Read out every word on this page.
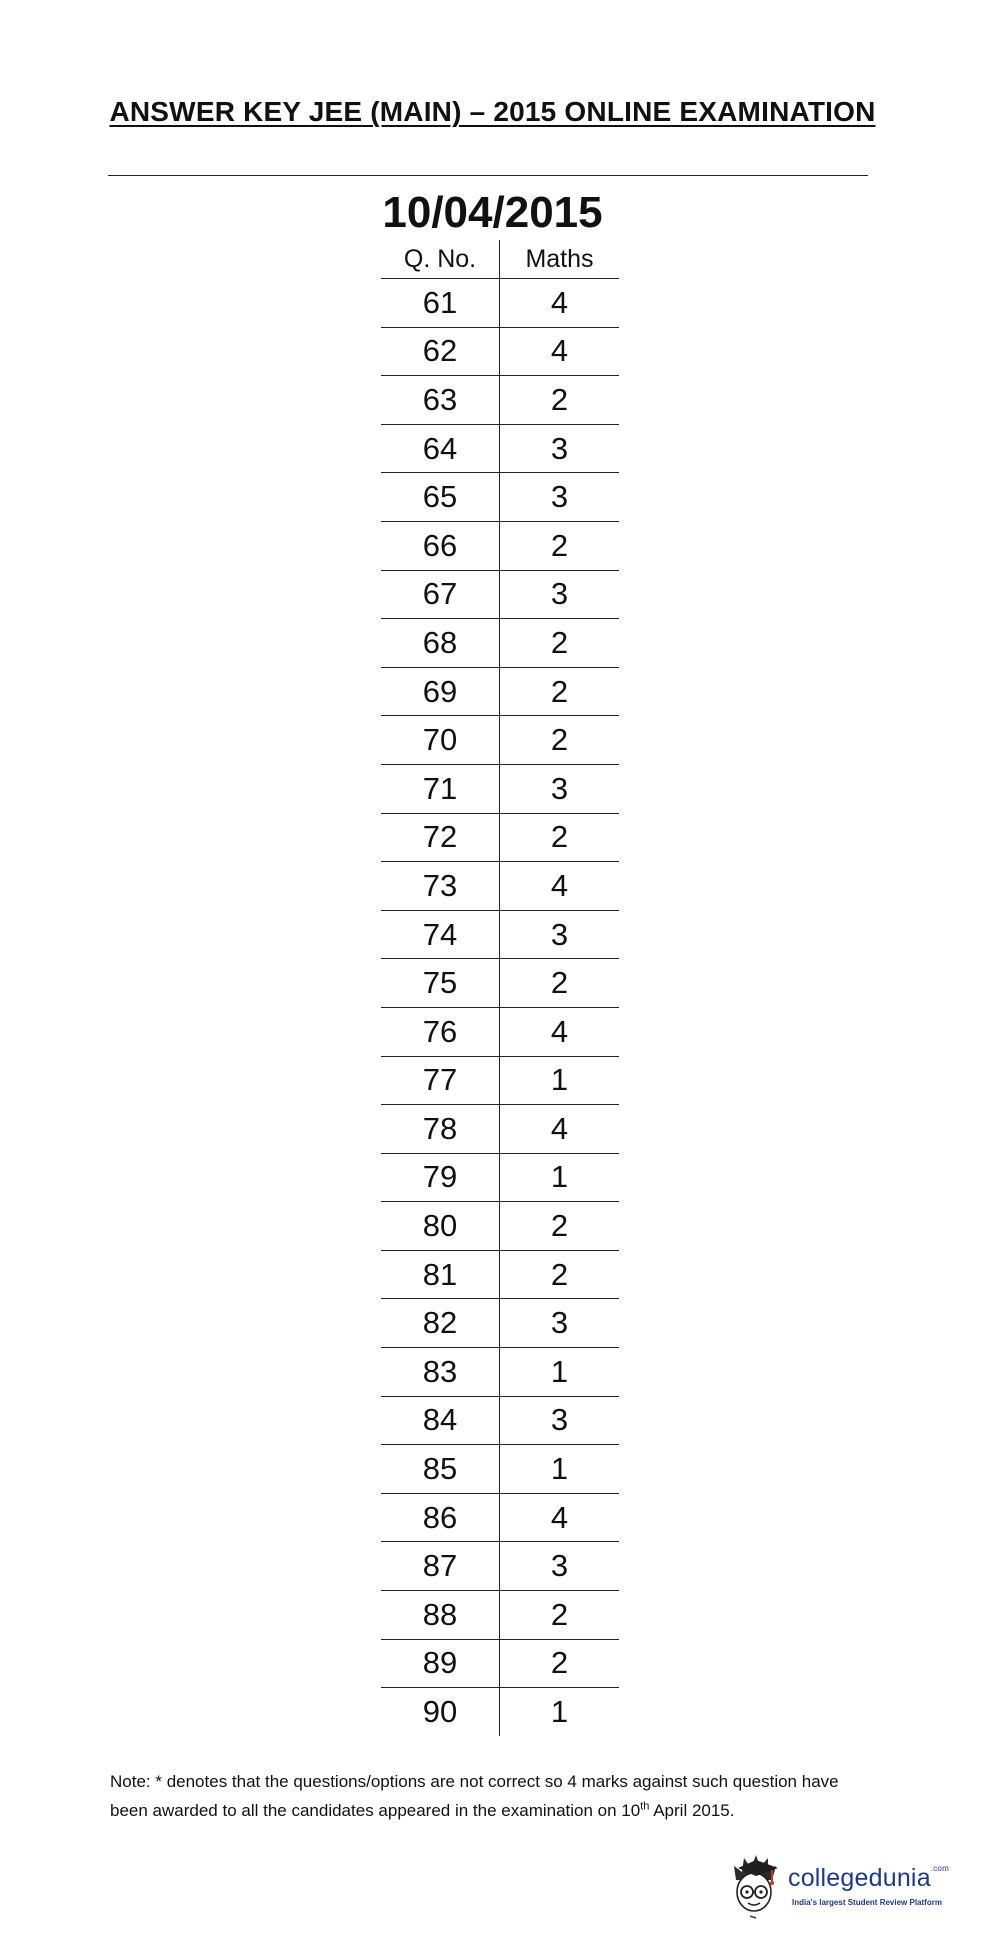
ANSWER KEY JEE (MAIN) – 2015 ONLINE EXAMINATION
10/04/2015
Q. No.	Maths
61	4
62	4
63	2
64	3
65	3
66	2
67	3
68	2
69	2
70	2
71	3
72	2
73	4
74	3
75	2
76	4
77	1
78	4
79	1
80	2
81	2
82	3
83	1
84	3
85	1
86	4
87	3
88	2
89	2
90	1
Note: * denotes that the questions/options are not correct so 4 marks against such question have been awarded to all the candidates appeared in the examination on 10th April 2015.
collegedunia$^{.com}$
India's largest Student Review Platform
